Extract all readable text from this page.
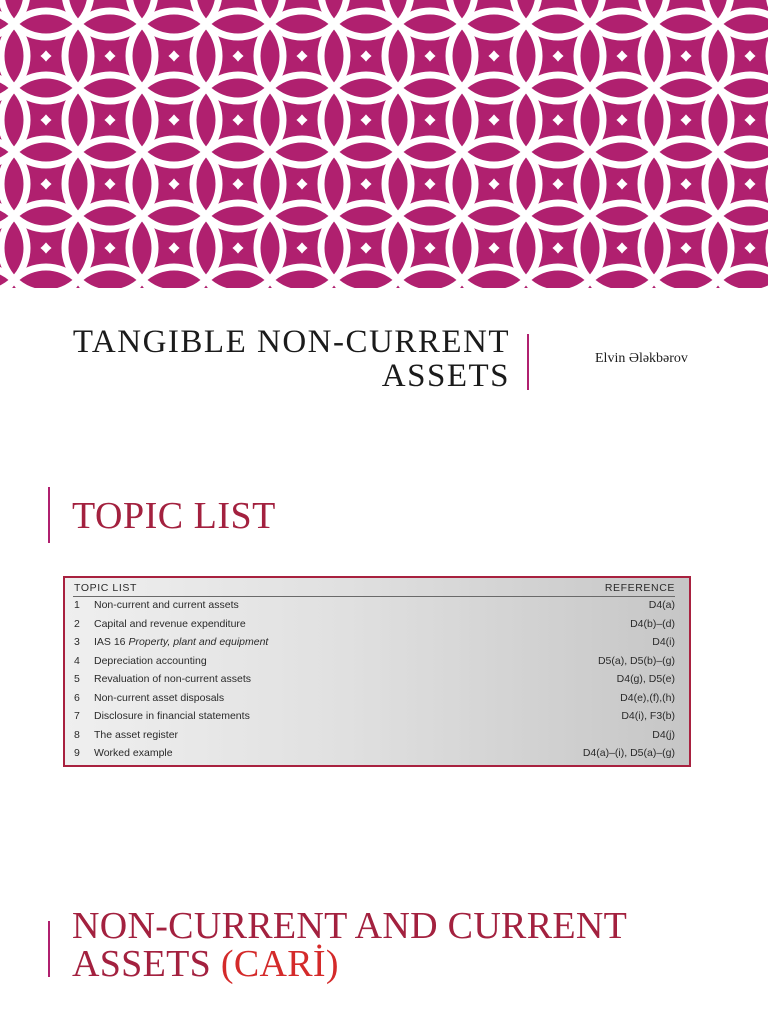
TANGIBLE NON-CURRENT
ASSETS	Elvin Ələkbərov
TOPIC LIST
TOPIC LIST	REFERENCE
1 Non-current and current assets	D4(a)
2 Capital and revenue expenditure	D4(b)–(d)
3 IAS 16 Property, plant and equipment	D4(i)
4 Depreciation accounting	D5(a), D5(b)–(g)
5 Revaluation of non-current assets	D4(g), D5(e)
6 Non-current asset disposals	D4(e),(f),(h)
7 Disclosure in financial statements	D4(i), F3(b)
8 The asset register	D4(j)
9 Worked example	D4(a)–(i), D5(a)–(g)
NON-CURRENT AND CURRENT
ASSETS (CARİ)
